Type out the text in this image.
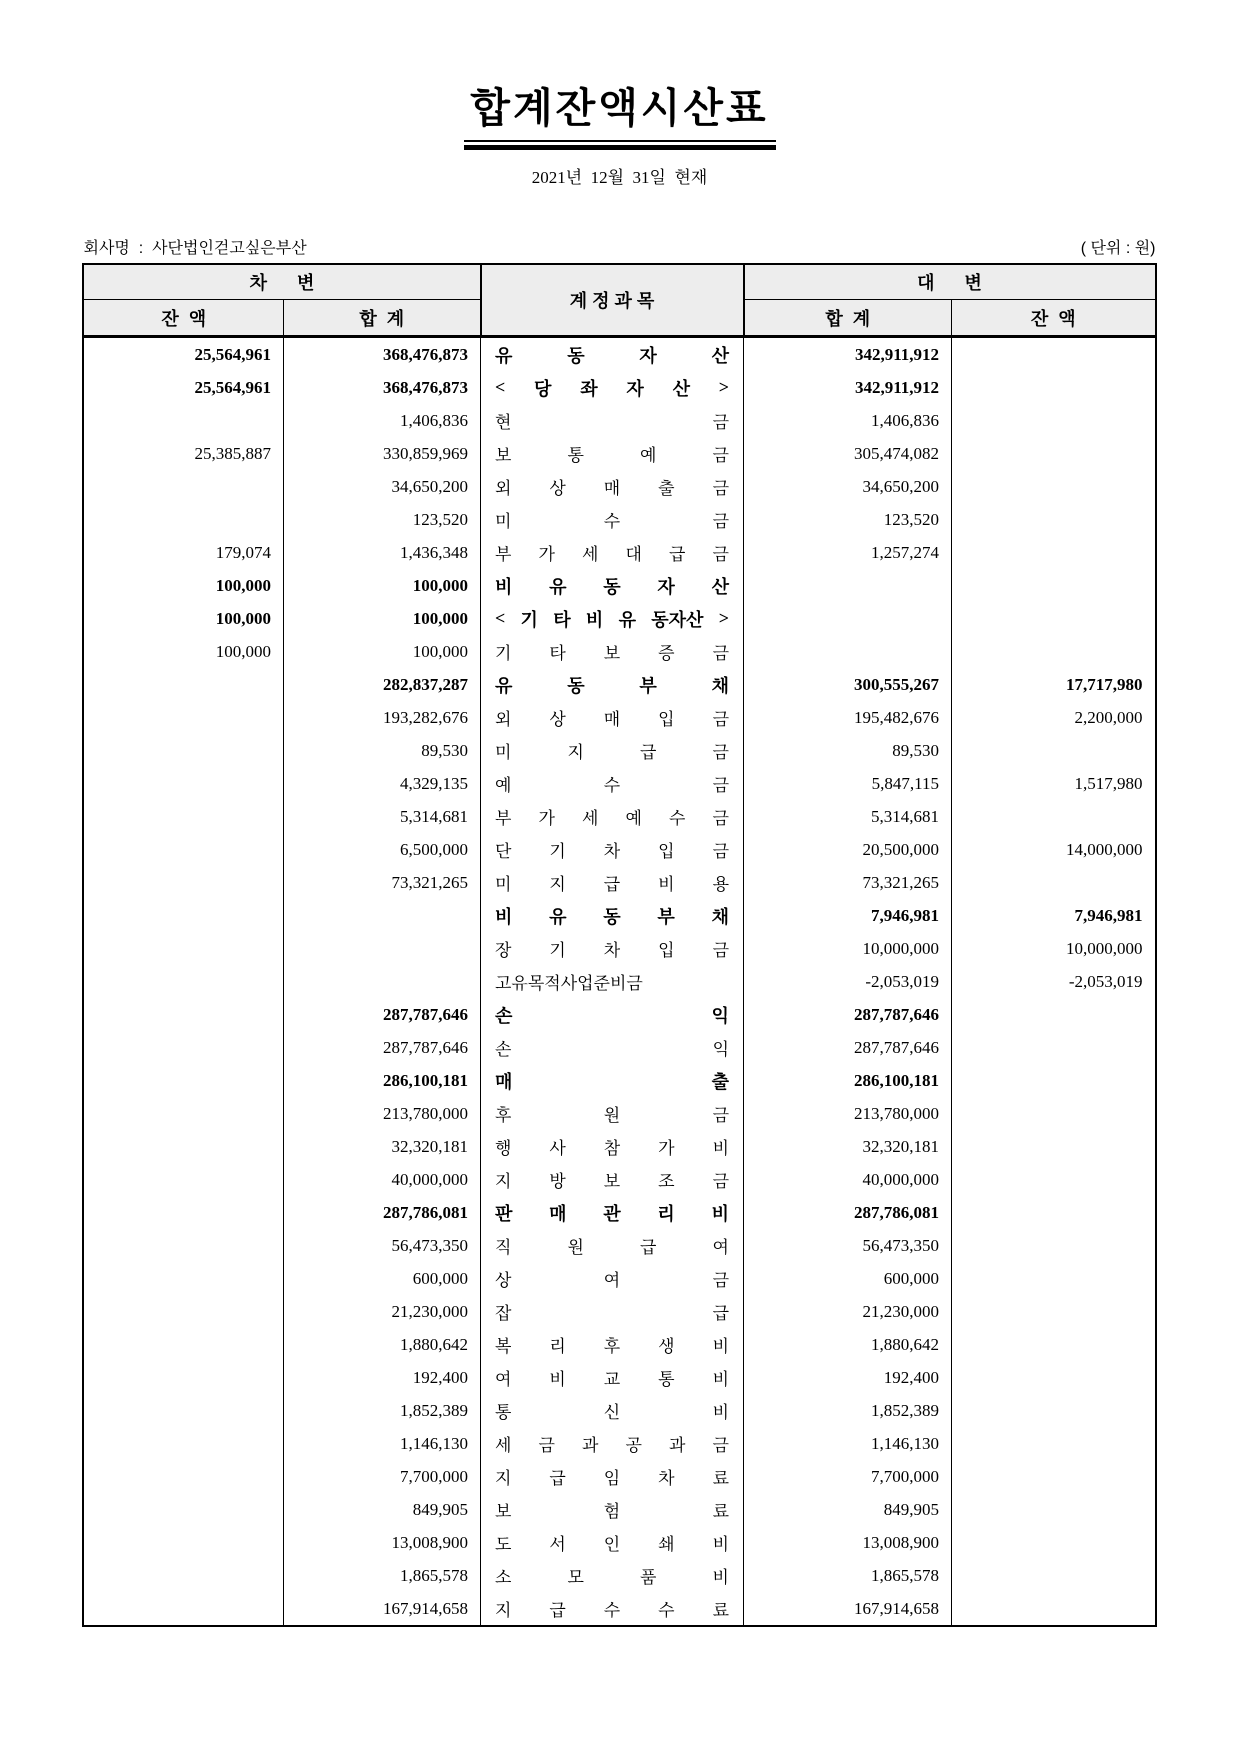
합계잔액시산표
2021년  12월  31일  현재
회사명  :  사단법인걷고싶은부산	( 단위 : 원)
차      변		계 정 과 목	대      변	
잔  액	합  계		합  계	잔  액
25,564,961	368,476,873	유 동 자 산	342,911,912	
25,564,961	368,476,873	< 당 좌 자 산 >	342,911,912	
	1,406,836	현 금	1,406,836	
25,385,887	330,859,969	보 통 예 금	305,474,082	
	34,650,200	외 상 매 출 금	34,650,200	
	123,520	미 수 금	123,520	
179,074	1,436,348	부 가 세 대 급 금	1,257,274	
100,000	100,000	비 유 동 자 산		

100,000	100,000	< 기 타 비 유 동자산 >

100,000	100,000	기 타 보 증 금		

	282,837,287	유 동 부 채	300,555,267	17,717,980
	193,282,676	외 상 매 입 금	195,482,676	2,200,000
	89,530	미 지 급 금	89,530	
	4,329,135	예 수 금	5,847,115	1,517,980
	5,314,681	부 가 세 예 수 금	5,314,681	
	6,500,000	단 기 차 입 금	20,500,000	14,000,000
	73,321,265	미 지 급 비 용	73,321,265	

		비 유 동 부 채	7,946,981	7,946,981

		장 기 차 입 금	10,000,000	10,000,000

		고유목적사업준비금	-2,053,019	-2,053,019
	287,787,646	손 익	287,787,646	
	287,787,646	손 익	287,787,646	
	286,100,181	매 출	286,100,181	
	213,780,000	후 원 금	213,780,000	
	32,320,181	행 사 참 가 비	32,320,181	
	40,000,000	지 방 보 조 금	40,000,000	
	287,786,081	판 매 관 리 비	287,786,081	
	56,473,350	직 원 급 여	56,473,350	
	600,000	상 여 금	600,000	
	21,230,000	잡 급	21,230,000	
	1,880,642	복 리 후 생 비	1,880,642	
	192,400	여 비 교 통 비	192,400	
	1,852,389	통 신 비	1,852,389	
	1,146,130	세 금 과 공 과 금	1,146,130	
	7,700,000	지 급 임 차 료	7,700,000	
	849,905	보 험 료	849,905	
	13,008,900	도 서 인 쇄 비	13,008,900	
	1,865,578	소 모 품 비	1,865,578	
	167,914,658	지 급 수 수 료	167,914,658	
